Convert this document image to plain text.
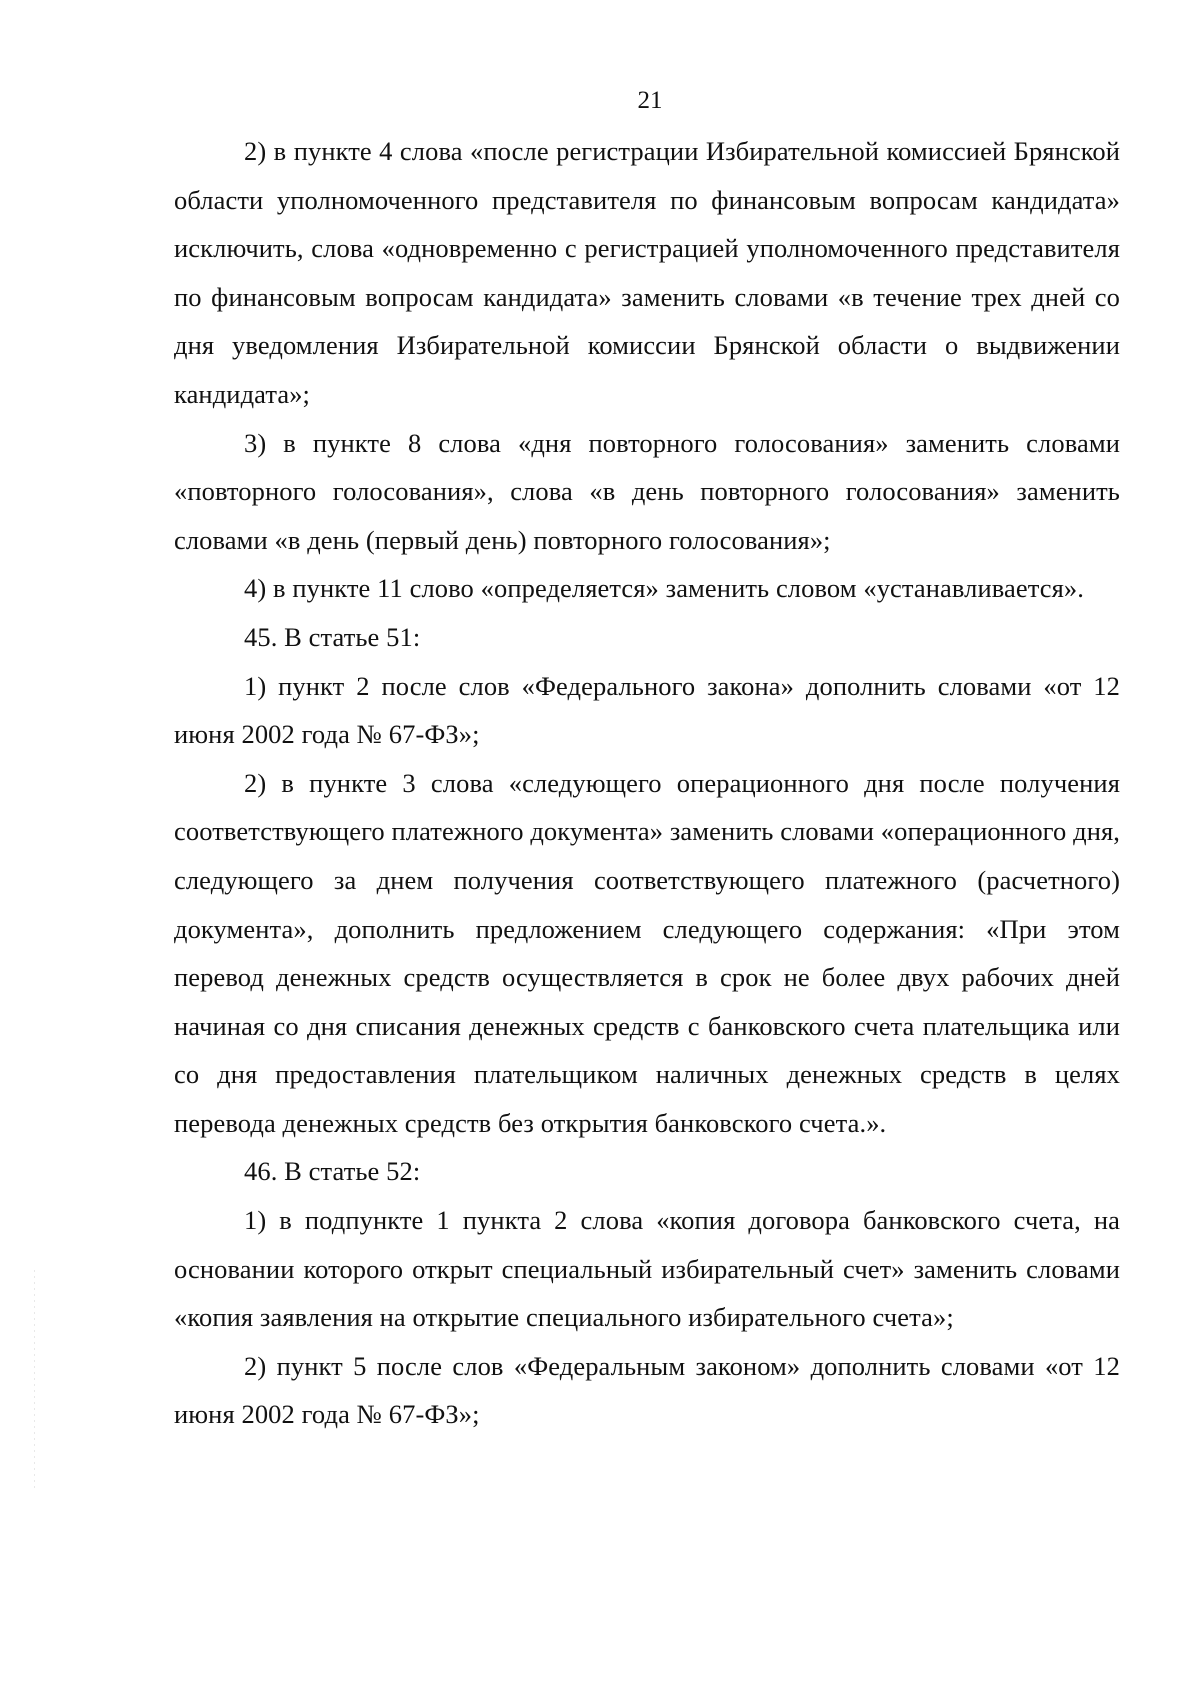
21

2) в пункте 4 слова «после регистрации Избирательной комиссией Брянской области уполномоченного представителя по финансовым вопросам кандидата» исключить, слова «одновременно с регистрацией уполномоченного представителя по финансовым вопросам кандидата» заменить словами «в течение трех дней со дня уведомления Избирательной комиссии Брянской области о выдвижении кандидата»;

3) в пункте 8 слова «дня повторного голосования» заменить словами «повторного голосования», слова «в день повторного голосования» заменить словами «в день (первый день) повторного голосования»;

4) в пункте 11 слово «определяется» заменить словом «устанавливается».

45. В статье 51:

1) пункт 2 после слов «Федерального закона» дополнить словами «от 12 июня 2002 года № 67-ФЗ»;

2) в пункте 3 слова «следующего операционного дня после получения соответствующего платежного документа» заменить словами «операционного дня, следующего за днем получения соответствующего платежного (расчетного) документа», дополнить предложением следующего содержания: «При этом перевод денежных средств осуществляется в срок не более двух рабочих дней начиная со дня списания денежных средств с банковского счета плательщика или со дня предоставления плательщиком наличных денежных средств в целях перевода денежных средств без открытия банковского счета.».

46. В статье 52:

1) в подпункте 1 пункта 2 слова «копия договора банковского счета, на основании которого открыт специальный избирательный счет» заменить словами «копия заявления на открытие специального избирательного счета»;

2) пункт 5 после слов «Федеральным законом» дополнить словами «от 12 июня 2002 года № 67-ФЗ»;
